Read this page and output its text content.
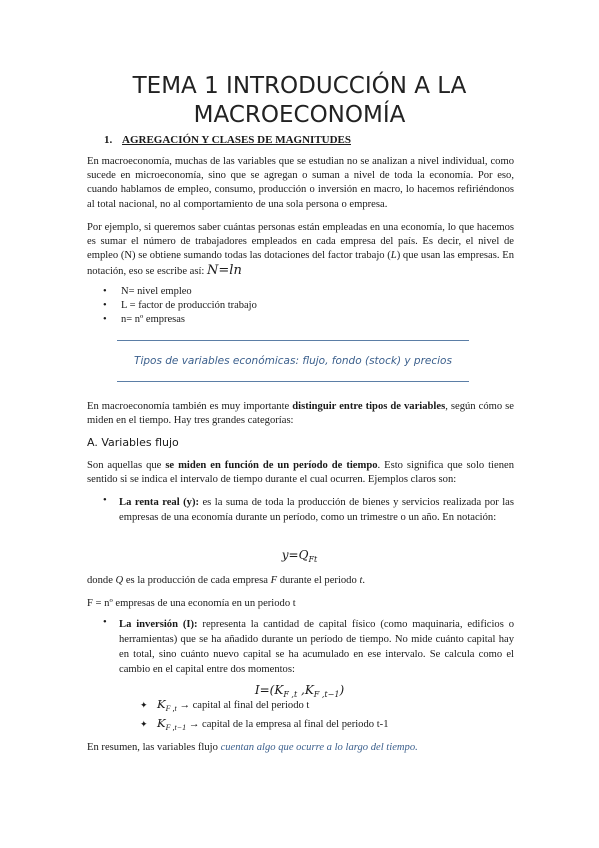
TEMA 1 INTRODUCCIÓN A LA
MACROECONOMÍA
1. AGREGACIÓN Y CLASES DE MAGNITUDES

En macroeconomía, muchas de las variables que se estudian no se analizan a nivel individual, como sucede en microeconomía, sino que se agregan o suman a nivel de toda la economía. Por eso, cuando hablamos de empleo, consumo, producción o inversión en macro, lo hacemos refiriéndonos al total nacional, no al comportamiento de una sola persona o empresa.

Por ejemplo, si queremos saber cuántas personas están empleadas en una economía, lo que hacemos es sumar el número de trabajadores empleados en cada empresa del país. Es decir, el nivel de empleo (N) se obtiene sumando todas las dotaciones del factor trabajo (L) que usan las empresas. En notación, eso se escribe así: N=ln

• N= nivel empleo
• L = factor de producción trabajo
• n= nº empresas
Tipos de variables económicas: flujo, fondo (stock) y precios

En macroeconomía también es muy importante distinguir entre tipos de variables, según cómo se miden en el tiempo. Hay tres grandes categorías:

A. Variables flujo

Son aquellas que se miden en función de un período de tiempo. Esto significa que solo tienen sentido si se indica el intervalo de tiempo durante el cual ocurren. Ejemplos claros son:

• La renta real (y): es la suma de toda la producción de bienes y servicios realizada por las empresas de una economía durante un período, como un trimestre o un año. En notación:

$y=Q_{Ft}$

donde Q es la producción de cada empresa F durante el periodo t.

F = nº empresas de una economía en un periodo t

• La inversión (I): representa la cantidad de capital físico (como maquinaria, edificios o herramientas) que se ha añadido durante un período de tiempo. No mide cuánto capital hay en total, sino cuánto nuevo capital se ha acumulado en ese intervalo. Se calcula como el cambio en el capital entre dos momentos:

$I=(K_{F ,t}$ $,K_{F ,t-1}$)
✦ $K_{F ,t}$ → capital al final del periodo t
✦ $K_{F ,t-1}$ → capital de la empresa al final del periodo t-1

En resumen, las variables flujo cuentan algo que ocurre a lo largo del tiempo.
